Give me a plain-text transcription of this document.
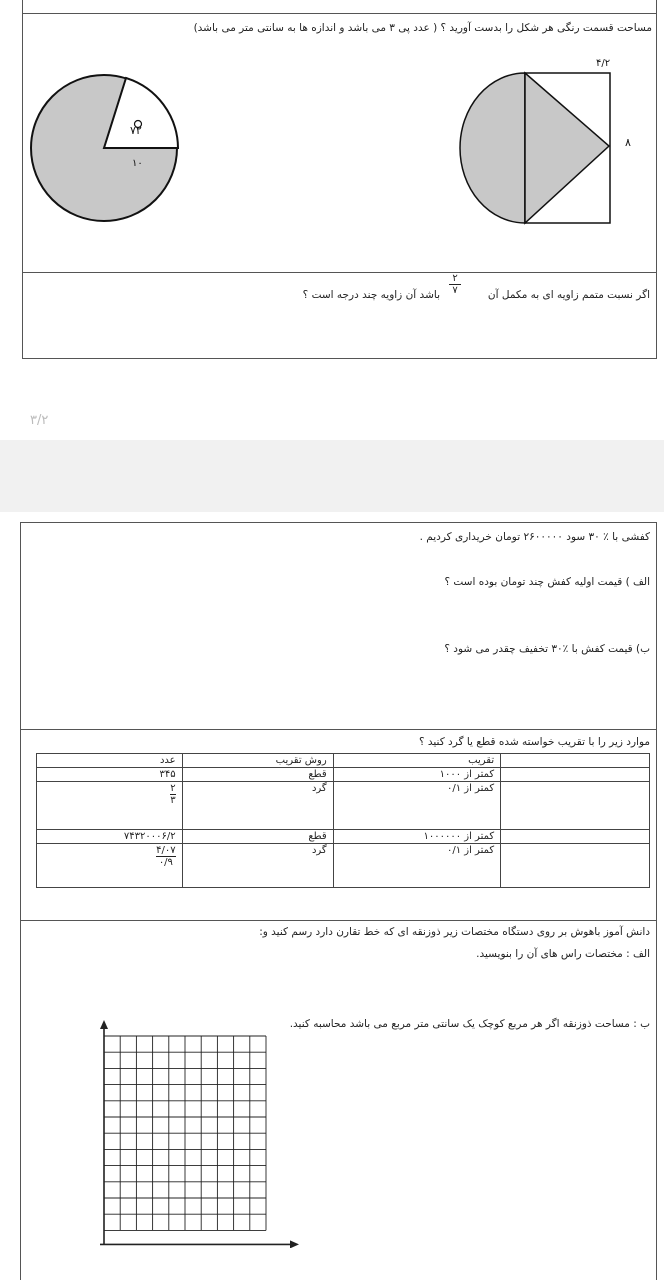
مساحت قسمت رنگی هر شکل را بدست آورید ؟ ( عدد پی ۳ می باشد و اندازه ها به سانتی متر می باشد)
۷۲
۱۰
۴/۲
۸
اگر نسبت متمم زاویه ای به مکمل آن
۲
۷
باشد آن زاویه چند درجه است ؟
۳/۲
کفشی با ٪ ۳۰ سود ۲۶۰۰۰۰۰ تومان خریداری کردیم .
الف ) قیمت اولیه کفش چند تومان بوده است ؟
ب) قیمت کفش با ٪۳۰ تخفیف چقدر می شود ؟
موارد زیر را با تقریب خواسته شده قطع یا گرد کنید ؟
	تقریب	روش تقریب	عدد
	کمتر از ۱۰۰۰	قطع	۳۴۵
	کمتر از ۰/۱	گرد	$\frac{۲}{۳}$

	کمتر از ۱۰۰۰۰۰۰	قطع	۷۴۳۲۰۰۰۶/۲
	کمتر از ۰/۱	گرد	$\frac{۴/۰۷}{۰/۹}$
دانش آموز باهوش بر روی دستگاه مختصات زیر ذوزنقه ای که خط تقارن دارد رسم کنید و:
الف : مختصات راس های آن را بنویسید.
ب : مساحت ذوزنقه اگر هر مربع کوچک یک سانتی متر مربع می باشد محاسبه کنید.
